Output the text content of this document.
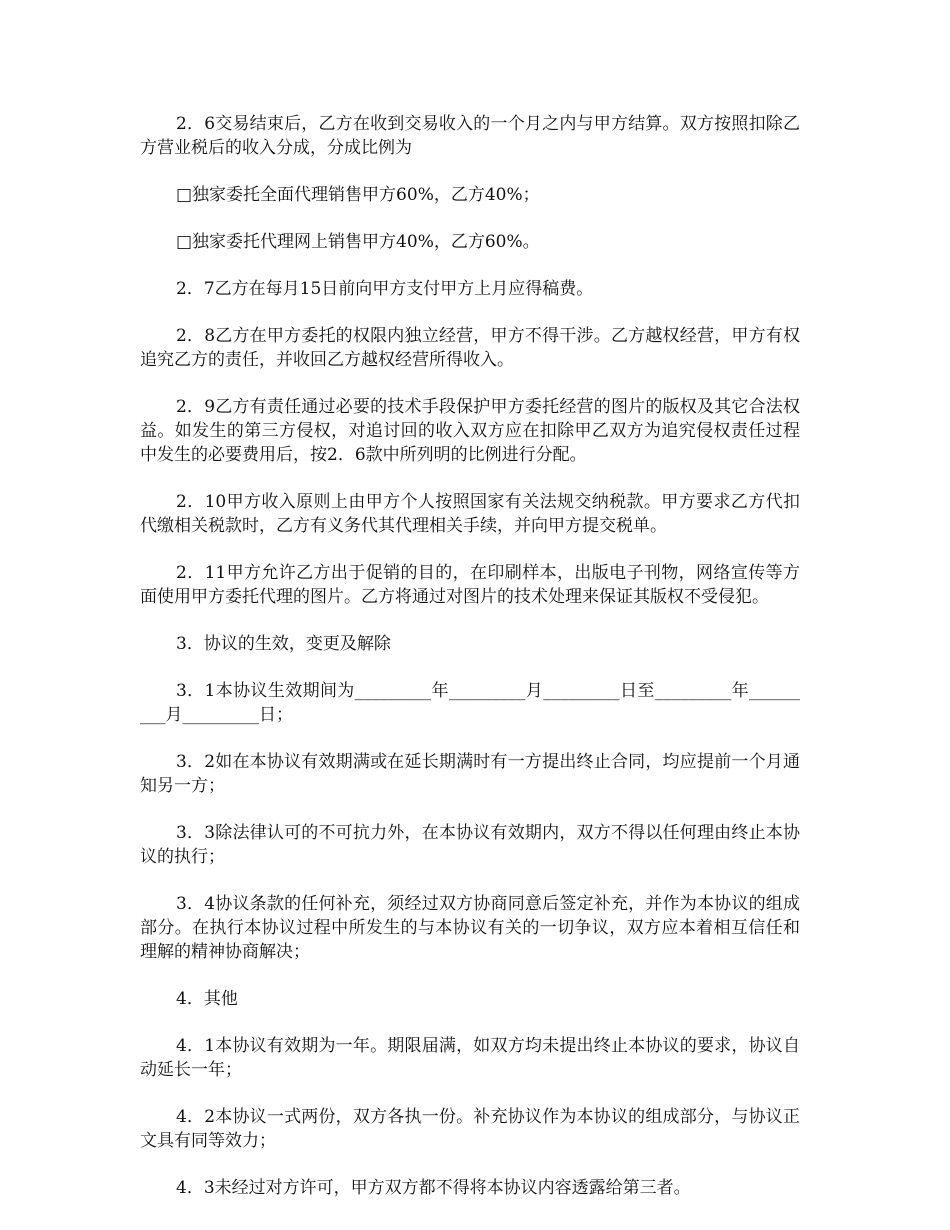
2．6交易结束后，乙方在收到交易收入的一个月之内与甲方结算。双方按照扣除乙方营业税后的收入分成，分成比例为

□独家委托全面代理销售甲方60%，乙方40%；

□独家委托代理网上销售甲方40%，乙方60%。

2．7乙方在每月15日前向甲方支付甲方上月应得稿费。

2．8乙方在甲方委托的权限内独立经营，甲方不得干涉。乙方越权经营，甲方有权追究乙方的责任，并收回乙方越权经营所得收入。

2．9乙方有责任通过必要的技术手段保护甲方委托经营的图片的版权及其它合法权益。如发生的第三方侵权，对追讨回的收入双方应在扣除甲乙双方为追究侵权责任过程中发生的必要费用后，按2．6款中所列明的比例进行分配。

2．10甲方收入原则上由甲方个人按照国家有关法规交纳税款。甲方要求乙方代扣代缴相关税款时，乙方有义务代其代理相关手续，并向甲方提交税单。

2．11甲方允许乙方出于促销的目的，在印刷样本，出版电子刊物，网络宣传等方面使用甲方委托代理的图片。乙方将通过对图片的技术处理来保证其版权不受侵犯。

3．协议的生效，变更及解除

3．1本协议生效期间为_________年_________月_________日至_________年_________月_________日；

3．2如在本协议有效期满或在延长期满时有一方提出终止合同，均应提前一个月通知另一方；

3．3除法律认可的不可抗力外，在本协议有效期内，双方不得以任何理由终止本协议的执行；

3．4协议条款的任何补充，须经过双方协商同意后签定补充，并作为本协议的组成部分。在执行本协议过程中所发生的与本协议有关的一切争议，双方应本着相互信任和理解的精神协商解决；

4．其他

4．1本协议有效期为一年。期限届满，如双方均未提出终止本协议的要求，协议自动延长一年；

4．2本协议一式两份，双方各执一份。补充协议作为本协议的组成部分，与协议正文具有同等效力；

4．3未经过对方许可，甲方双方都不得将本协议内容透露给第三者。
